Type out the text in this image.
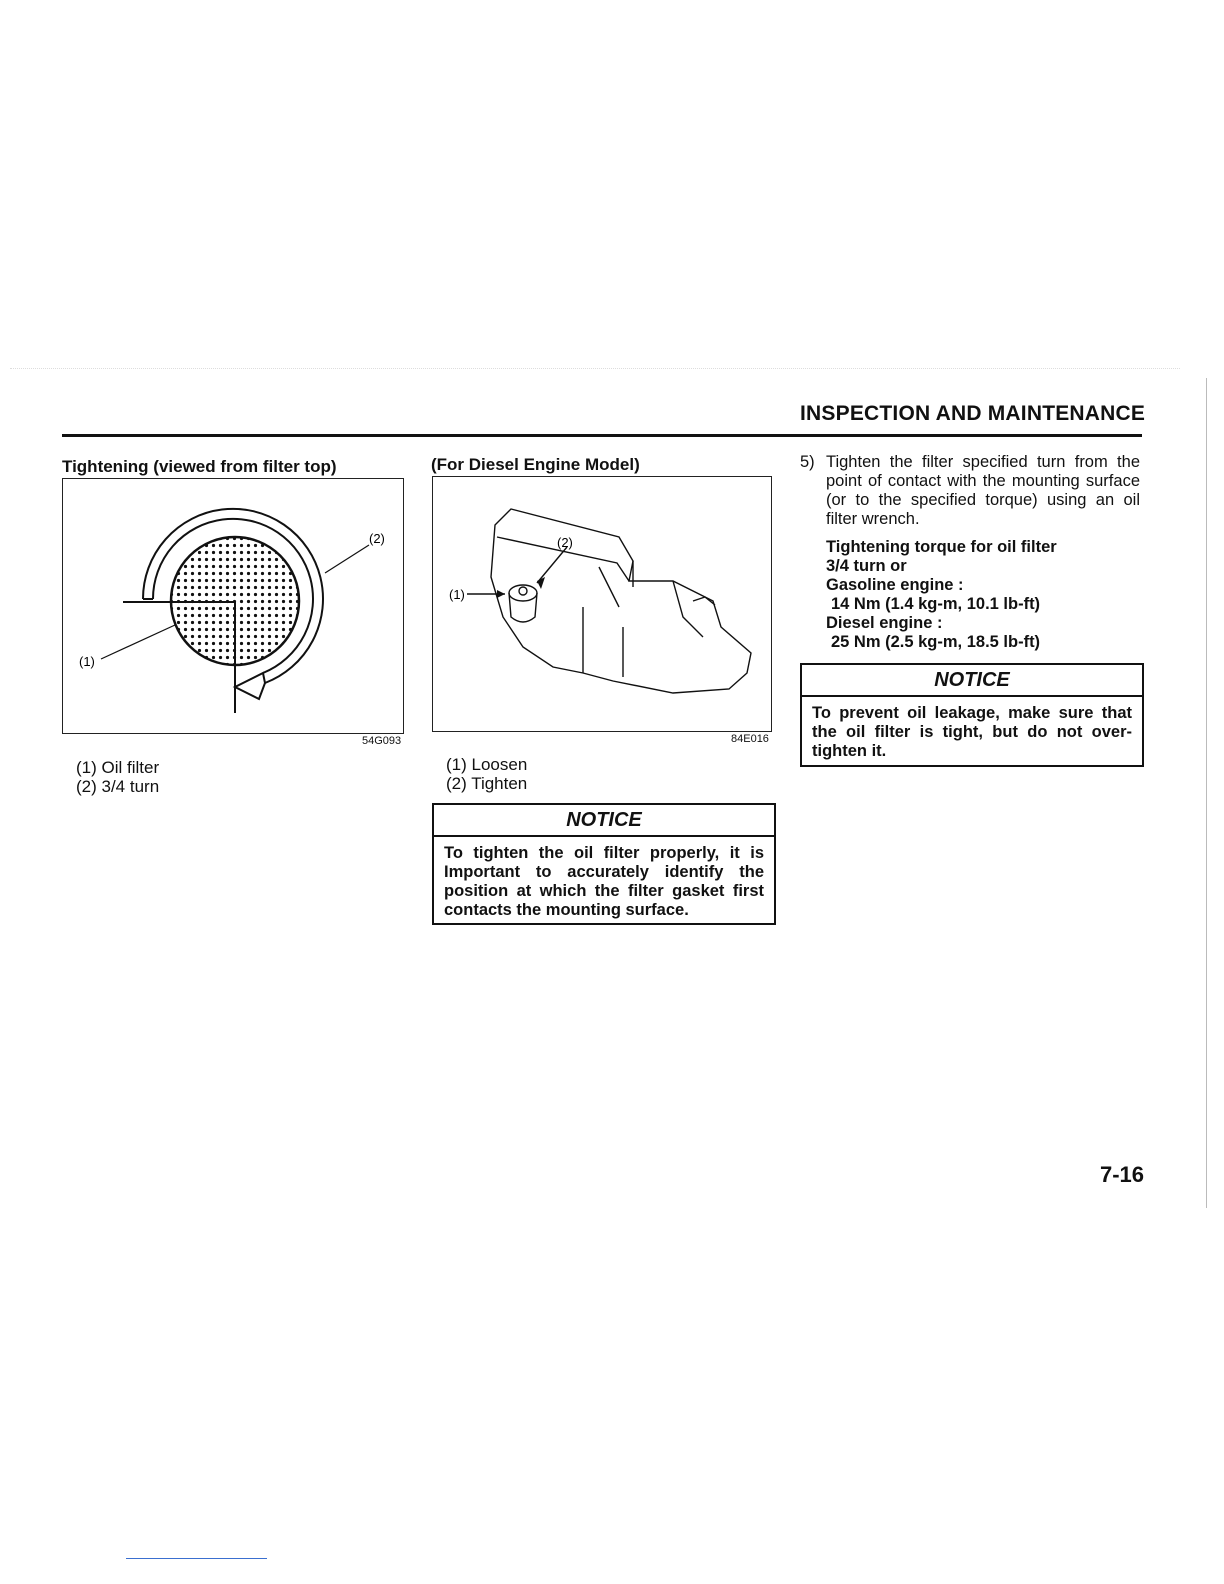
INSPECTION AND MAINTENANCE
Tightening (viewed from filter top)
(1)
(2)
54G093
(1) Oil filter
(2) 3/4 turn
(For Diesel Engine Model)
(1)
(2)
84E016
(1) Loosen
(2) Tighten
NOTICE
To tighten the oil filter properly, it is Important to accurately identify the position at which the filter gasket first contacts the mounting surface.
5) Tighten the filter specified turn from the point of contact with the mounting surface (or to the specified torque) using an oil filter wrench.
Tightening torque for oil filter
3/4 turn or
Gasoline engine :
14 Nm (1.4 kg-m, 10.1 lb-ft)
Diesel engine :
25 Nm (2.5 kg-m, 18.5 lb-ft)
NOTICE
To prevent oil leakage, make sure that the oil filter is tight, but do not over-tighten it.
7-16
